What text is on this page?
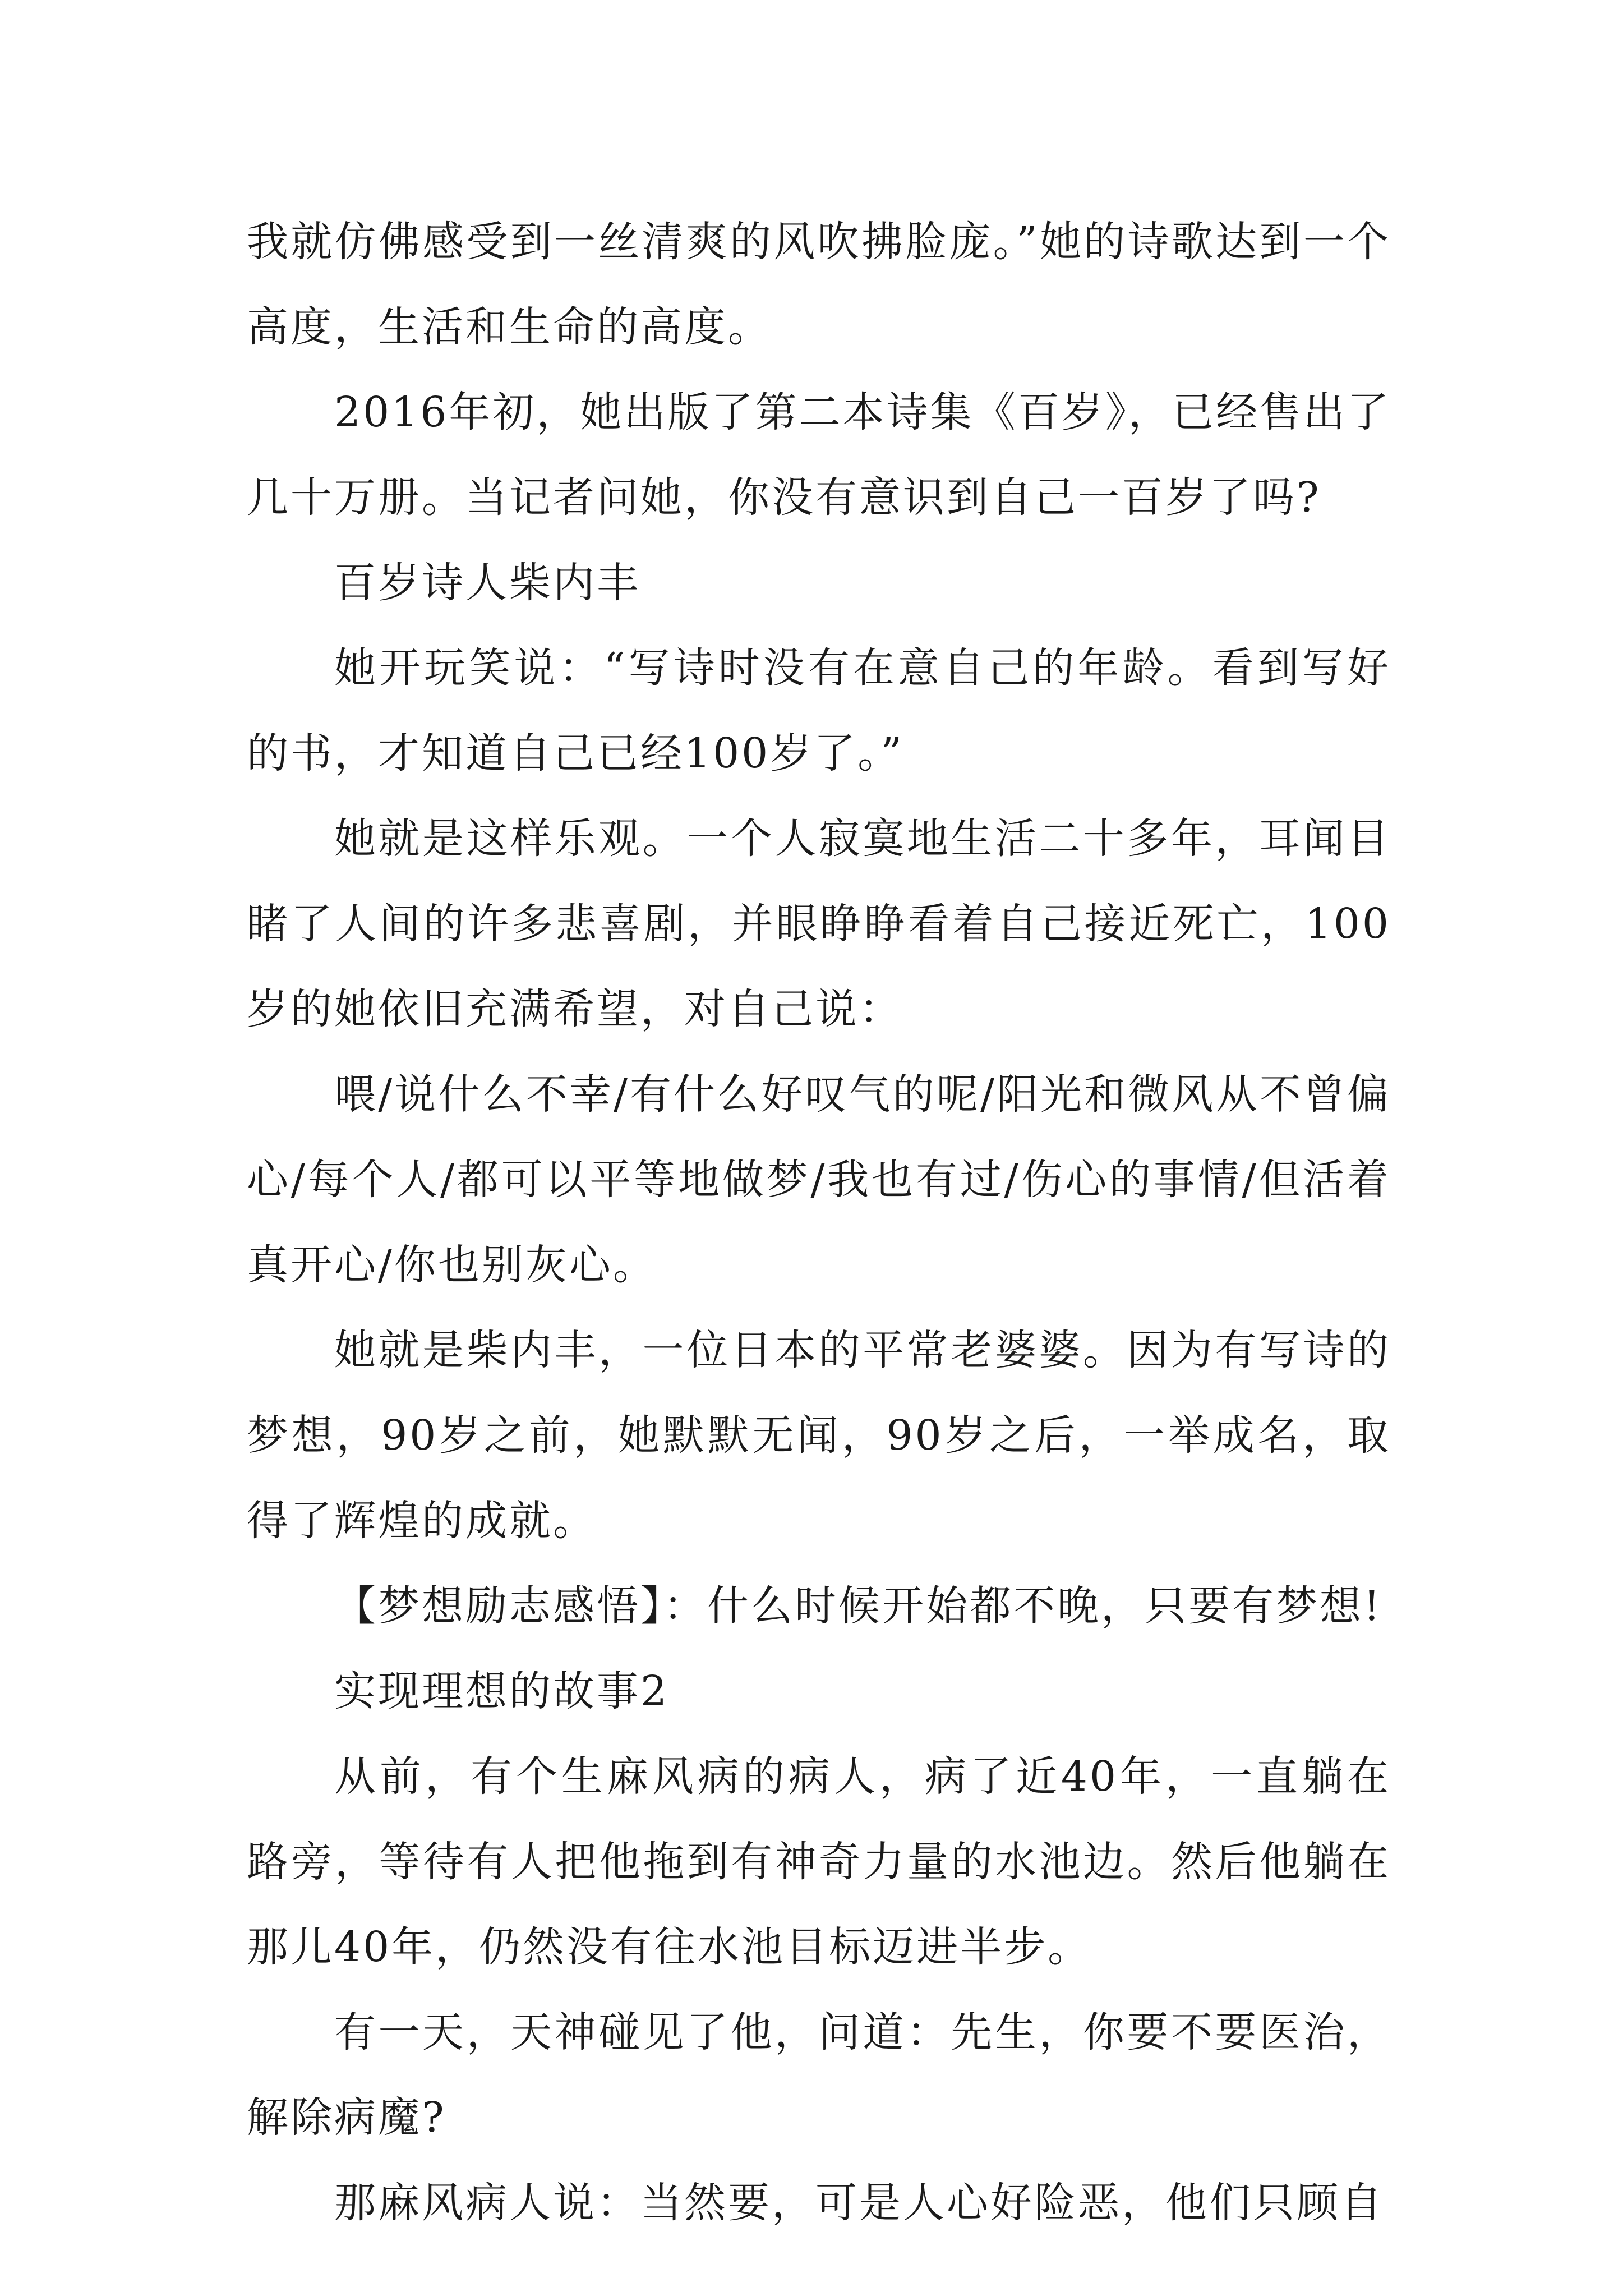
我就仿佛感受到一丝清爽的风吹拂脸庞。”她的诗歌达到一个高度，生活和生命的高度。

2016年初，她出版了第二本诗集《百岁》，已经售出了几十万册。当记者问她，你没有意识到自己一百岁了吗?

百岁诗人柴内丰

她开玩笑说：“写诗时没有在意自己的年龄。看到写好的书，才知道自己已经100岁了。”

她就是这样乐观。一个人寂寞地生活二十多年，耳闻目睹了人间的许多悲喜剧，并眼睁睁看着自己接近死亡，100岁的她依旧充满希望，对自己说：

喂/说什么不幸/有什么好叹气的呢/阳光和微风从不曾偏心/每个人/都可以平等地做梦/我也有过/伤心的事情/但活着真开心/你也别灰心。

她就是柴内丰，一位日本的平常老婆婆。因为有写诗的梦想，90岁之前，她默默无闻，90岁之后，一举成名，取得了辉煌的成就。

【梦想励志感悟】：什么时候开始都不晚，只要有梦想!

实现理想的故事2

从前，有个生麻风病的病人，病了近40年，一直躺在路旁，等待有人把他拖到有神奇力量的水池边。然后他躺在那儿40年，仍然没有往水池目标迈进半步。

有一天，天神碰见了他，问道：先生，你要不要医治，解除病魔?

那麻风病人说：当然要，可是人心好险恶，他们只顾自
